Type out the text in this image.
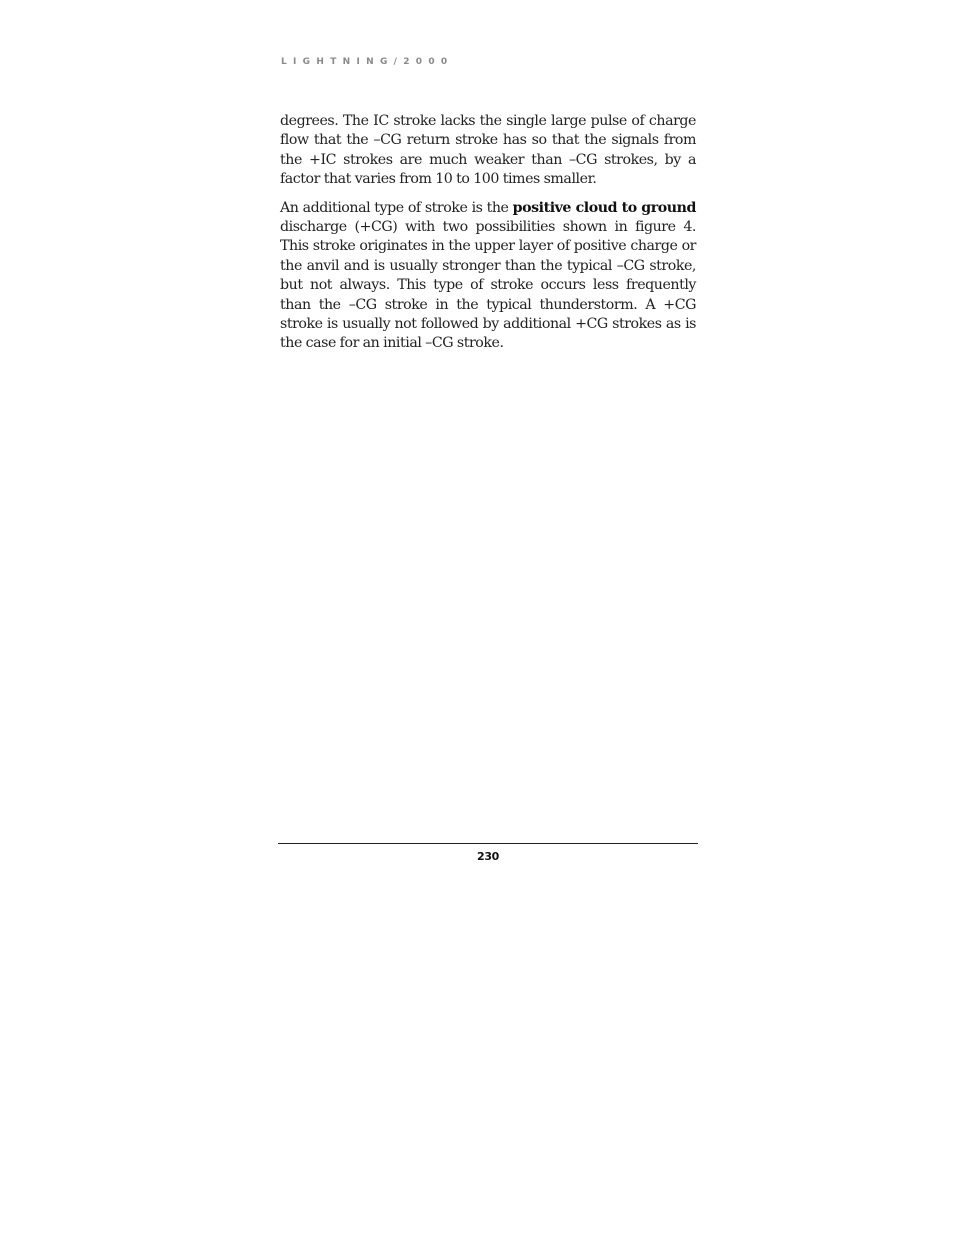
LIGHTNING/2000

degrees. The IC stroke lacks the single large pulse of charge flow that the –CG return stroke has so that the signals from the +IC strokes are much weaker than –CG strokes, by a factor that varies from 10 to 100 times smaller.

An additional type of stroke is the positive cloud to ground discharge (+CG) with two possibilities shown in figure 4. This stroke originates in the upper layer of positive charge or the anvil and is usually stronger than the typical –CG stroke, but not always. This type of stroke occurs less frequently than the –CG stroke in the typical thunderstorm. A +CG stroke is usually not followed by additional +CG strokes as is the case for an initial –CG stroke.

230
